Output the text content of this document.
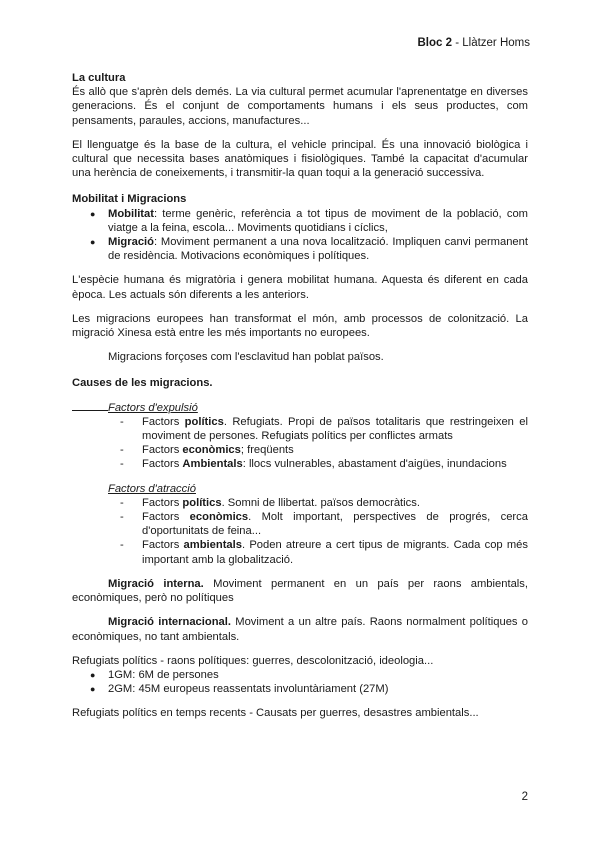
Bloc 2 - Llàtzer Homs

La cultura

És allò que s'aprèn dels demés. La via cultural permet acumular l'aprenentatge en diverses generacions. És el conjunt de comportaments humans i els seus productes, com pensaments, paraules, accions, manufactures...

El llenguatge és la base de la cultura, el vehicle principal. És una innovació biològica i cultural que necessita bases anatòmiques i fisiològiques. També la capacitat d'acumular una herència de coneixements, i transmitir-la quan toqui a la generació successiva.

Mobilitat i Migracions

● Mobilitat: terme genèric, referència a tot tipus de moviment de la població, com viatge a la feina, escola... Moviments quotidians i cíclics,
● Migració: Moviment permanent a una nova localització. Impliquen canvi permanent de residència. Motivacions econòmiques i polítiques.

L'espècie humana és migratòria i genera mobilitat humana. Aquesta és diferent en cada època. Les actuals són diferents a les anteriors.

Les migracions europees han transformat el món, amb processos de colonització. La migració Xinesa està entre les més importants no europees.

Migracions forçoses com l'esclavitud han poblat països.

Causes de les migracions.

Factors d'expulsió

- Factors polítics. Refugiats. Propi de països totalitaris que restringeixen el moviment de persones. Refugiats polítics per conflictes armats
- Factors econòmics; freqüents
- Factors Ambientals: llocs vulnerables, abastament d'aigües, inundacions

Factors d'atracció

- Factors polítics. Somni de llibertat. països democràtics.
- Factors econòmics. Molt important, perspectives de progrés, cerca d'oportunitats de feina...
- Factors ambientals. Poden atreure a cert tipus de migrants. Cada cop més important amb la globalització.

Migració interna. Moviment permanent en un país per raons ambientals, econòmiques, però no polítiques

Migració internacional. Moviment a un altre país. Raons normalment polítiques o econòmiques, no tant ambientals.

Refugiats polítics - raons polítiques: guerres, descolonització, ideologia...

● 1GM: 6M de persones
● 2GM: 45M europeus reassentats involuntàriament (27M)

Refugiats polítics en temps recents - Causats per guerres, desastres ambientals...

2
